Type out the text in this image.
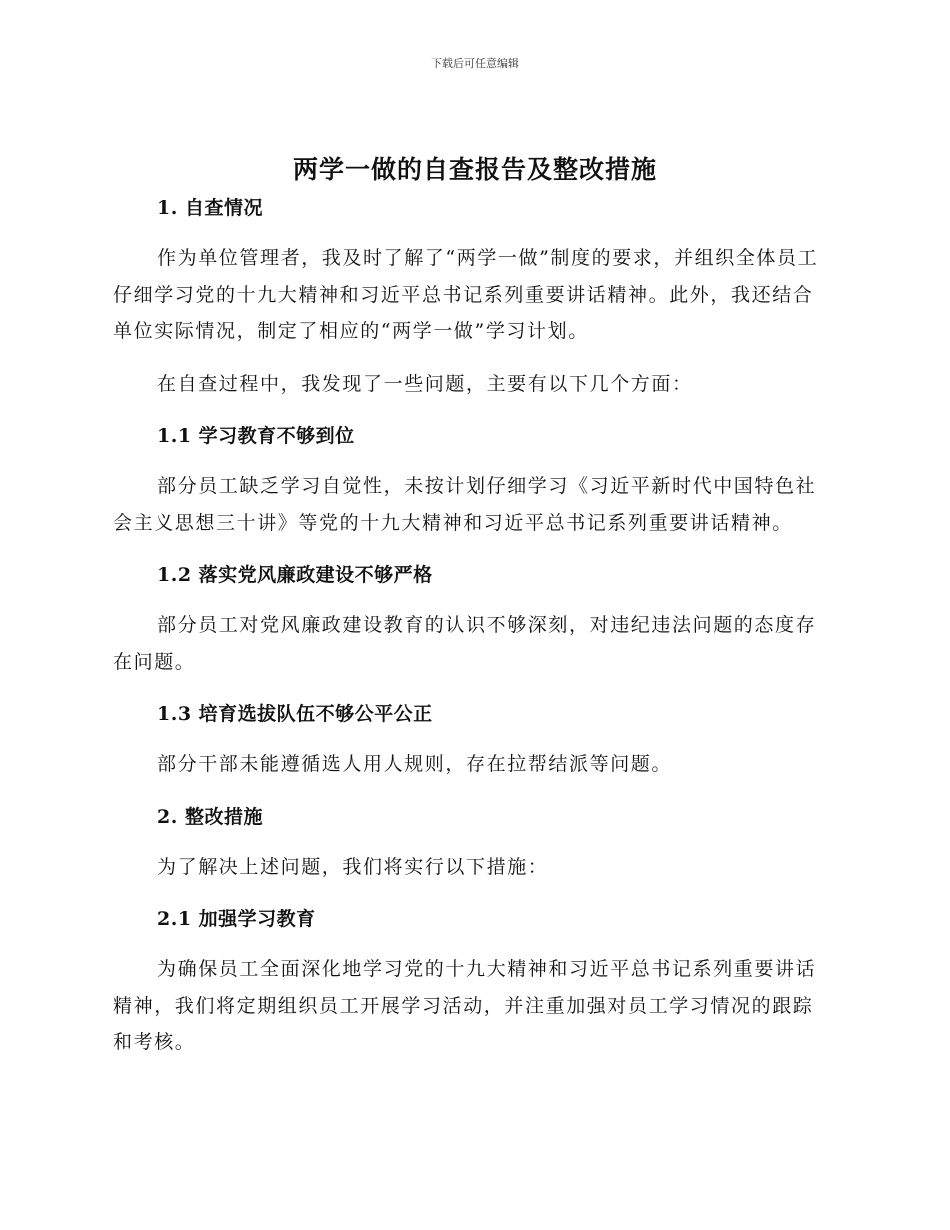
下载后可任意编辑
两学一做的自查报告及整改措施

1. 自查情况

作为单位管理者，我及时了解了“两学一做”制度的要求，并组织全体员工仔细学习党的十九大精神和习近平总书记系列重要讲话精神。此外，我还结合单位实际情况，制定了相应的“两学一做”学习计划。

在自查过程中，我发现了一些问题，主要有以下几个方面：

1.1 学习教育不够到位

部分员工缺乏学习自觉性，未按计划仔细学习《习近平新时代中国特色社会主义思想三十讲》等党的十九大精神和习近平总书记系列重要讲话精神。

1.2 落实党风廉政建设不够严格

部分员工对党风廉政建设教育的认识不够深刻，对违纪违法问题的态度存在问题。

1.3 培育选拔队伍不够公平公正

部分干部未能遵循选人用人规则，存在拉帮结派等问题。

2. 整改措施

为了解决上述问题，我们将实行以下措施：

2.1 加强学习教育

为确保员工全面深化地学习党的十九大精神和习近平总书记系列重要讲话精神，我们将定期组织员工开展学习活动，并注重加强对员工学习情况的跟踪和考核。
